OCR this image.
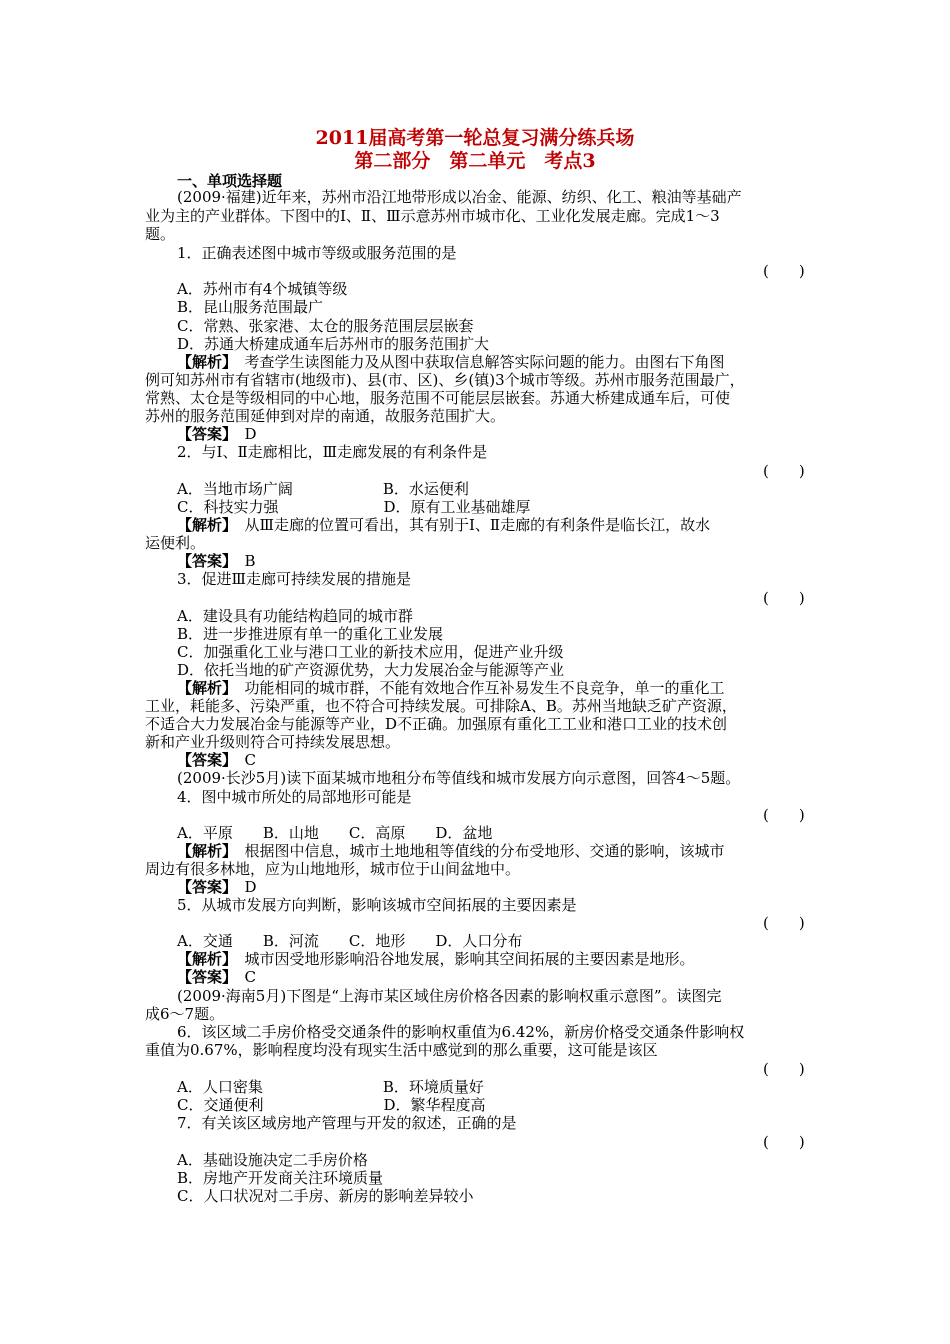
2011届高考第一轮总复习满分练兵场
第二部分　第二单元　考点3
一、单项选择题
(2009·福建)近年来，苏州市沿江地带形成以冶金、能源、纺织、化工、粮油等基础产
业为主的产业群体。下图中的Ⅰ、Ⅱ、Ⅲ示意苏州市城市化、工业化发展走廊。完成1～3
题。
1．正确表述图中城市等级或服务范围的是
(　　)
A．苏州市有4个城镇等级
B．昆山服务范围最广
C．常熟、张家港、太仓的服务范围层层嵌套
D．苏通大桥建成通车后苏州市的服务范围扩大
【解析】　考查学生读图能力及从图中获取信息解答实际问题的能力。由图右下角图
例可知苏州市有省辖市(地级市)、县(市、区)、乡(镇)3个城市等级。苏州市服务范围最广，
常熟、太仓是等级相同的中心地，服务范围不可能层层嵌套。苏通大桥建成通车后，可使
苏州的服务范围延伸到对岸的南通，故服务范围扩大。
【答案】　D
2．与Ⅰ、Ⅱ走廊相比，Ⅲ走廊发展的有利条件是
(　　)
A．当地市场广阔　　　　　　B．水运便利
C．科技实力强　　　　　　　D．原有工业基础雄厚
【解析】　从Ⅲ走廊的位置可看出，其有别于Ⅰ、Ⅱ走廊的有利条件是临长江，故水
运便利。
【答案】　B
3．促进Ⅲ走廊可持续发展的措施是
(　　)
A．建设具有功能结构趋同的城市群
B．进一步推进原有单一的重化工业发展
C．加强重化工业与港口工业的新技术应用，促进产业升级
D．依托当地的矿产资源优势，大力发展冶金与能源等产业
【解析】　功能相同的城市群，不能有效地合作互补易发生不良竞争，单一的重化工
工业，耗能多、污染严重，也不符合可持续发展。可排除A、B。苏州当地缺乏矿产资源，
不适合大力发展冶金与能源等产业，D不正确。加强原有重化工工业和港口工业的技术创
新和产业升级则符合可持续发展思想。
【答案】　C
(2009·长沙5月)读下面某城市地租分布等值线和城市发展方向示意图，回答4～5题。
4．图中城市所处的局部地形可能是
(　　)
A．平原　　B．山地　　C．高原　　D．盆地
【解析】　根据图中信息，城市土地地租等值线的分布受地形、交通的影响，该城市
周边有很多林地，应为山地地形，城市位于山间盆地中。
【答案】　D
5．从城市发展方向判断，影响该城市空间拓展的主要因素是
(　　)
A．交通　　B．河流　　C．地形　　D．人口分布
【解析】　城市因受地形影响沿谷地发展，影响其空间拓展的主要因素是地形。
【答案】　C
(2009·海南5月)下图是“上海市某区域住房价格各因素的影响权重示意图”。读图完
成6～7题。
6．该区域二手房价格受交通条件的影响权重值为6.42%，新房价格受交通条件影响权
重值为0.67%，影响程度均没有现实生活中感觉到的那么重要，这可能是该区
(　　)
A．人口密集　　　　　　　　B．环境质量好
C．交通便利　　　　　　　　D．繁华程度高
7．有关该区域房地产管理与开发的叙述，正确的是
(　　)
A．基础设施决定二手房价格
B．房地产开发商关注环境质量
C．人口状况对二手房、新房的影响差异较小
